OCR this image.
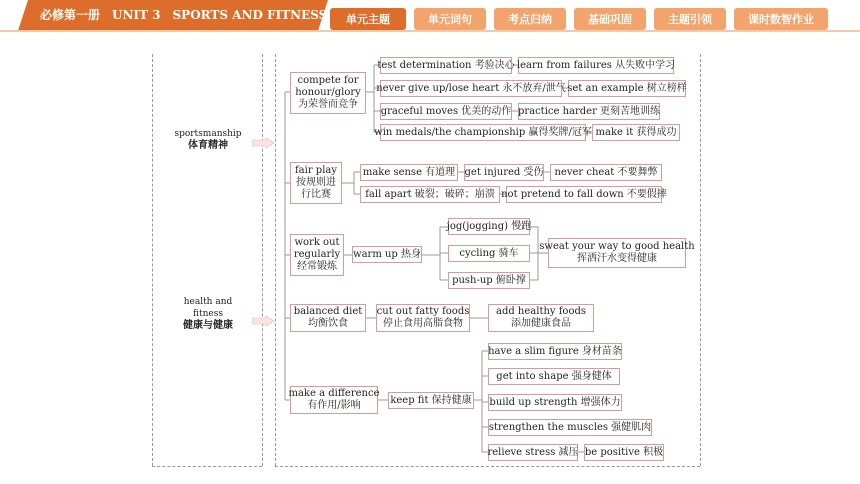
必修第一册　UNIT 3　SPORTS AND FITNESS	单元主题	单元词句	考点归纳	基础巩固	主题引领	课时数智作业
sportsmanship
体育精神
health and
fitness
健康与健康
compete for
honour/glory
为荣誉而竞争
test determination 考验决心 learn from failures 从失败中学习
never give up/lose heart 永不放弃/泄气 set an example 树立榜样
graceful moves 优美的动作 practice harder 更刻苦地训练
win medals/the championship 赢得奖牌/冠军 make it 获得成功
fair play
按规则进
行比赛
make sense 有道理 get injured 受伤	never cheat 不要舞弊
fall apart 破裂；破碎；崩溃 not pretend to fall down 不要假摔
work out
regularly
经常锻炼
warm up 热身
jog(jogging) 慢跑
cycling 骑车
push-up 俯卧撑
sweat your way to good health
挥洒汗水变得健康
balanced diet
均衡饮食
cut out fatty foods
停止食用高脂食物
add healthy foods
添加健康食品
make a difference
有作用/影响	keep fit 保持健康
have a slim figure 身材苗条
get into shape 强身健体
build up strength 增强体力
strengthen the muscles 强健肌肉
relieve stress 减压 be positive 积极
